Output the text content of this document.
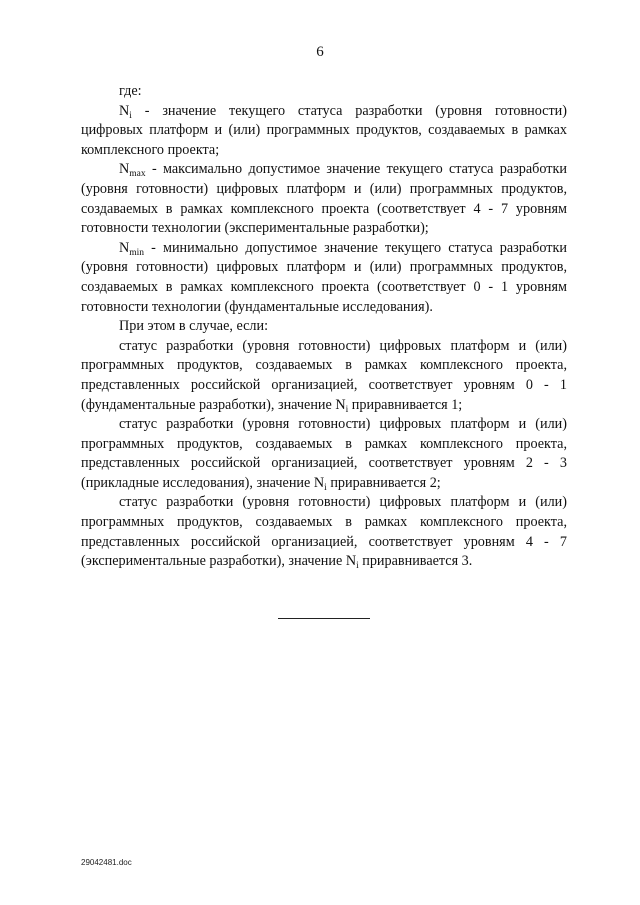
6

где:

$N_i$ - значение текущего статуса разработки (уровня готовности) цифровых платформ и (или) программных продуктов, создаваемых в рамках комплексного проекта;

$N_{max}$ - максимально допустимое значение текущего статуса разработки (уровня готовности) цифровых платформ и (или) программных продуктов, создаваемых в рамках комплексного проекта (соответствует 4 - 7 уровням готовности технологии (экспериментальные разработки);

$N_{min}$ - минимально допустимое значение текущего статуса разработки (уровня готовности) цифровых платформ и (или) программных продуктов, создаваемых в рамках комплексного проекта (соответствует 0 - 1 уровням готовности технологии (фундаментальные исследования).

При этом в случае, если:

статус разработки (уровня готовности) цифровых платформ и (или) программных продуктов, создаваемых в рамках комплексного проекта, представленных российской организацией, соответствует уровням 0 - 1 (фундаментальные разработки), значение $N_i$ приравнивается 1;

статус разработки (уровня готовности) цифровых платформ и (или) программных продуктов, создаваемых в рамках комплексного проекта, представленных российской организацией, соответствует уровням 2 - 3 (прикладные исследования), значение $N_i$ приравнивается 2;

статус разработки (уровня готовности) цифровых платформ и (или) программных продуктов, создаваемых в рамках комплексного проекта, представленных российской организацией, соответствует уровням 4 - 7 (экспериментальные разработки), значение $N_i$ приравнивается 3.

29042481.doc
